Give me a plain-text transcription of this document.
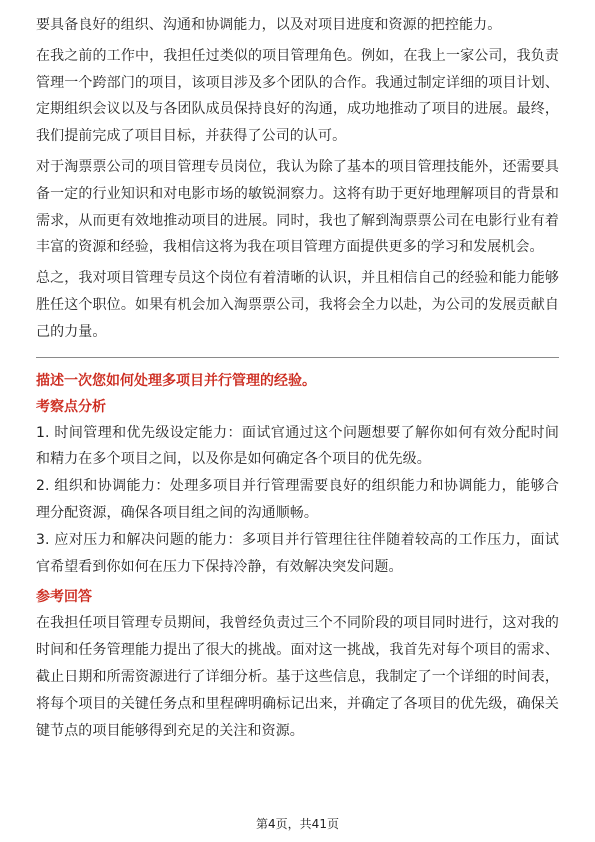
要具备良好的组织、沟通和协调能力，以及对项目进度和资源的把控能力。

在我之前的工作中，我担任过类似的项目管理角色。例如，在我上一家公司，我负责管理一个跨部门的项目，该项目涉及多个团队的合作。我通过制定详细的项目计划、定期组织会议以及与各团队成员保持良好的沟通，成功地推动了项目的进展。最终，我们提前完成了项目目标，并获得了公司的认可。

对于淘票票公司的项目管理专员岗位，我认为除了基本的项目管理技能外，还需要具备一定的行业知识和对电影市场的敏锐洞察力。这将有助于更好地理解项目的背景和需求，从而更有效地推动项目的进展。同时，我也了解到淘票票公司在电影行业有着丰富的资源和经验，我相信这将为我在项目管理方面提供更多的学习和发展机会。

总之，我对项目管理专员这个岗位有着清晰的认识，并且相信自己的经验和能力能够胜任这个职位。如果有机会加入淘票票公司，我将会全力以赴，为公司的发展贡献自己的力量。

描述一次您如何处理多项目并行管理的经验。

考察点分析

1. 时间管理和优先级设定能力：面试官通过这个问题想要了解你如何有效分配时间和精力在多个项目之间，以及你是如何确定各个项目的优先级。

2. 组织和协调能力：处理多项目并行管理需要良好的组织能力和协调能力，能够合理分配资源，确保各项目组之间的沟通顺畅。

3. 应对压力和解决问题的能力：多项目并行管理往往伴随着较高的工作压力，面试官希望看到你如何在压力下保持冷静，有效解决突发问题。

参考回答

在我担任项目管理专员期间，我曾经负责过三个不同阶段的项目同时进行，这对我的时间和任务管理能力提出了很大的挑战。面对这一挑战，我首先对每个项目的需求、截止日期和所需资源进行了详细分析。基于这些信息，我制定了一个详细的时间表，将每个项目的关键任务点和里程碑明确标记出来，并确定了各项目的优先级，确保关键节点的项目能够得到充足的关注和资源。

第4页，共41页
